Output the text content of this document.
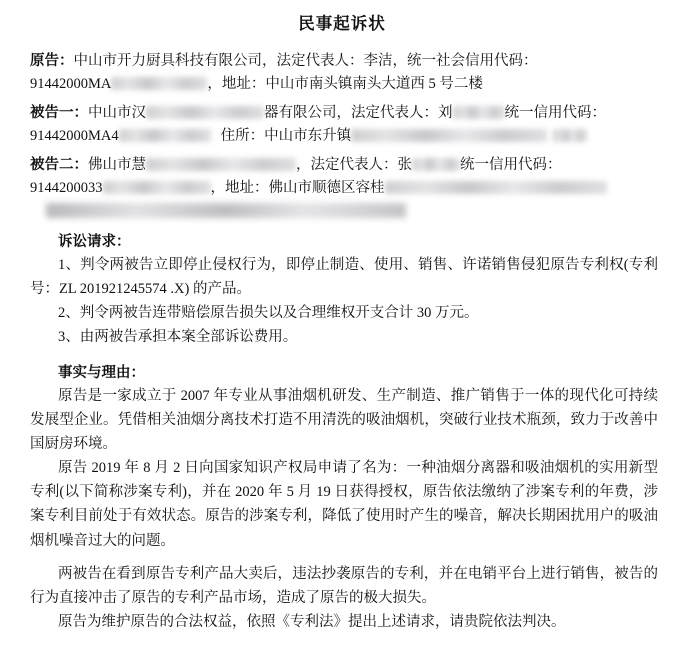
民事起诉状
原告：中山市开力厨具科技有限公司，法定代表人：李洁，统一社会信用代码：
91442000MA	，地址：中山市南头镇南头大道西 5 号二楼
被告一：中山市汉	器有限公司，法定代表人：刘	统一信用代码：
91442000MA4	住所：中山市东升镇
被告二：佛山市慧	，法定代表人：张	统一信用代码：
9144200033	，地址：佛山市顺德区容桂
诉讼请求：

1、判令两被告立即停止侵权行为，即停止制造、使用、销售、许诺销售侵犯原告专利权(专利号：ZL 201921245574 .X) 的产品。

2、判令两被告连带赔偿原告损失以及合理维权开支合计 30 万元。

3、由两被告承担本案全部诉讼费用。

事实与理由：

原告是一家成立于 2007 年专业从事油烟机研发、生产制造、推广销售于一体的现代化可持续发展型企业。凭借相关油烟分离技术打造不用清洗的吸油烟机，突破行业技术瓶颈，致力于改善中国厨房环境。

原告 2019 年 8 月 2 日向国家知识产权局申请了名为：一种油烟分离器和吸油烟机的实用新型专利(以下简称涉案专利)，并在 2020 年 5 月 19 日获得授权，原告依法缴纳了涉案专利的年费，涉案专利目前处于有效状态。原告的涉案专利，降低了使用时产生的噪音，解决长期困扰用户的吸油烟机噪音过大的问题。

两被告在看到原告专利产品大卖后，违法抄袭原告的专利，并在电销平台上进行销售，被告的行为直接冲击了原告的专利产品市场，造成了原告的极大损失。

原告为维护原告的合法权益，依照《专利法》提出上述请求，请贵院依法判决。
